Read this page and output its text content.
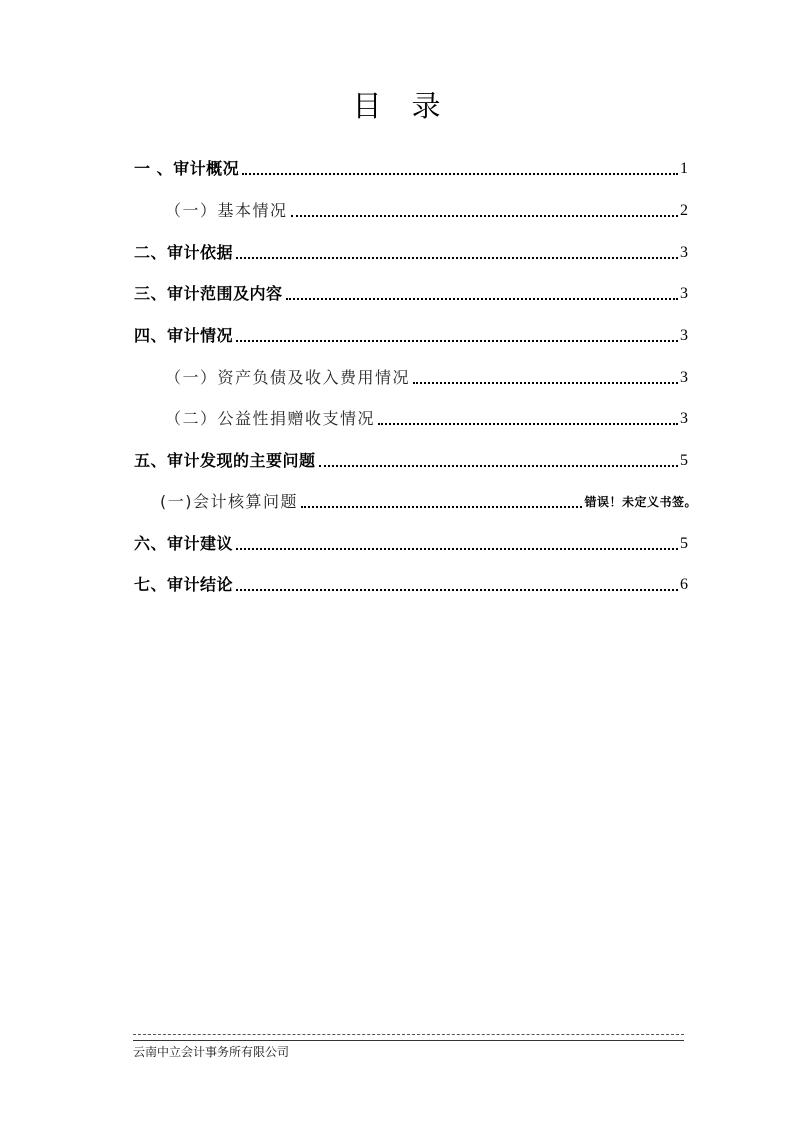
目录
一 、审计概况	1
（一）基本情况	2
二、审计依据	3
三、审计范围及内容	3
四、审计情况	3
（一）资产负债及收入费用情况	3
（二）公益性捐赠收支情况	3
五、审计发现的主要问题	5
(一)会计核算问题	错误！未定义书签。
六、审计建议	5
七、审计结论	6
云南中立会计事务所有限公司
